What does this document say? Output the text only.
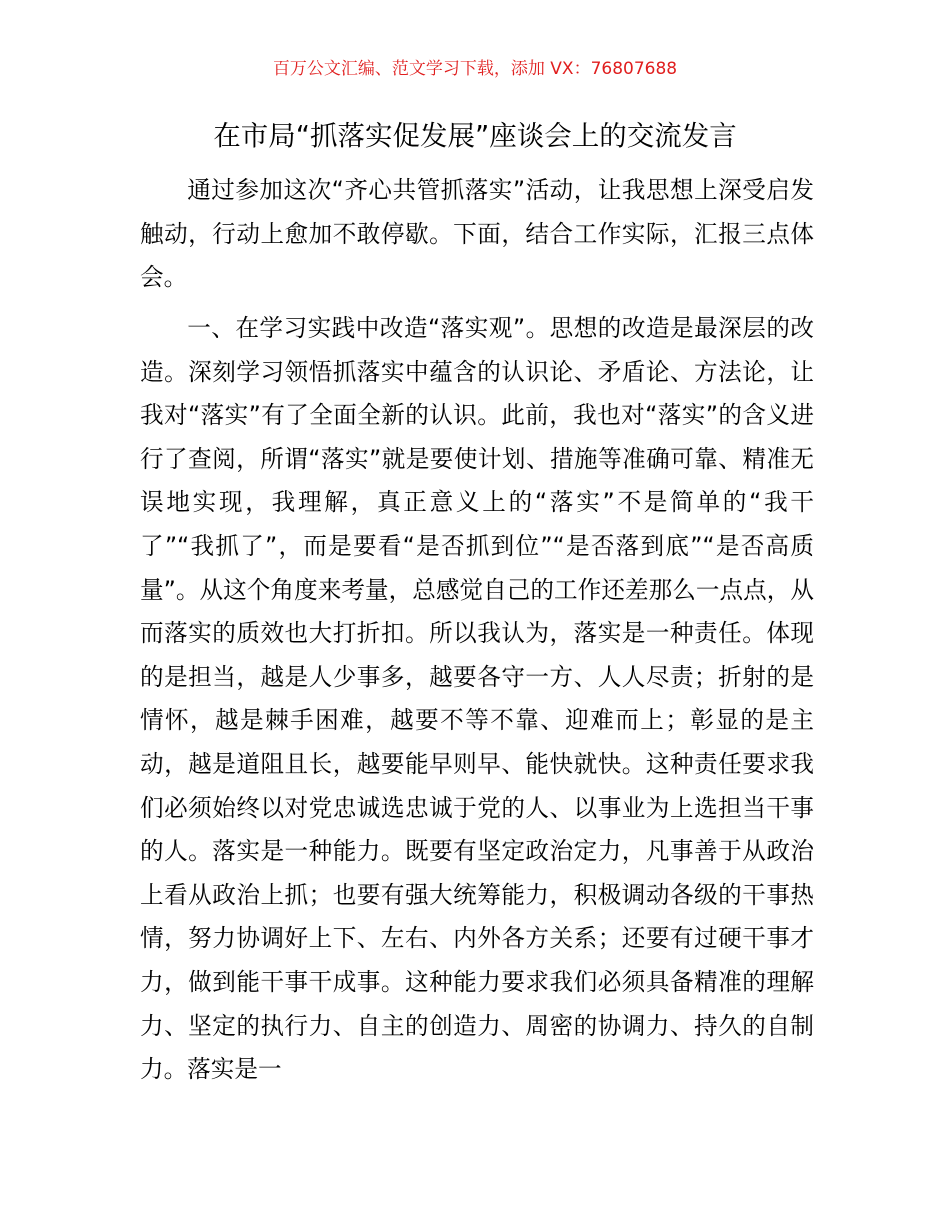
百万公文汇编、范文学习下载，添加 VX：76807688
在市局“抓落实促发展”座谈会上的交流发言

通过参加这次“齐心共管抓落实”活动，让我思想上深受启发触动，行动上愈加不敢停歇。下面，结合工作实际，汇报三点体会。

一、在学习实践中改造“落实观”。思想的改造是最深层的改造。深刻学习领悟抓落实中蕴含的认识论、矛盾论、方法论，让我对“落实”有了全面全新的认识。此前，我也对“落实”的含义进行了查阅，所谓“落实”就是要使计划、措施等准确可靠、精准无误地实现，我理解，真正意义上的“落实”不是简单的“我干了”“我抓了”，而是要看“是否抓到位”“是否落到底”“是否高质量”。从这个角度来考量，总感觉自己的工作还差那么一点点，从而落实的质效也大打折扣。所以我认为，落实是一种责任。体现的是担当，越是人少事多，越要各守一方、人人尽责；折射的是情怀，越是棘手困难，越要不等不靠、迎难而上；彰显的是主动，越是道阻且长，越要能早则早、能快就快。这种责任要求我们必须始终以对党忠诚选忠诚于党的人、以事业为上选担当干事的人。落实是一种能力。既要有坚定政治定力，凡事善于从政治上看从政治上抓；也要有强大统筹能力，积极调动各级的干事热情，努力协调好上下、左右、内外各方关系；还要有过硬干事才力，做到能干事干成事。这种能力要求我们必须具备精准的理解力、坚定的执行力、自主的创造力、周密的协调力、持久的自制力。落实是一
